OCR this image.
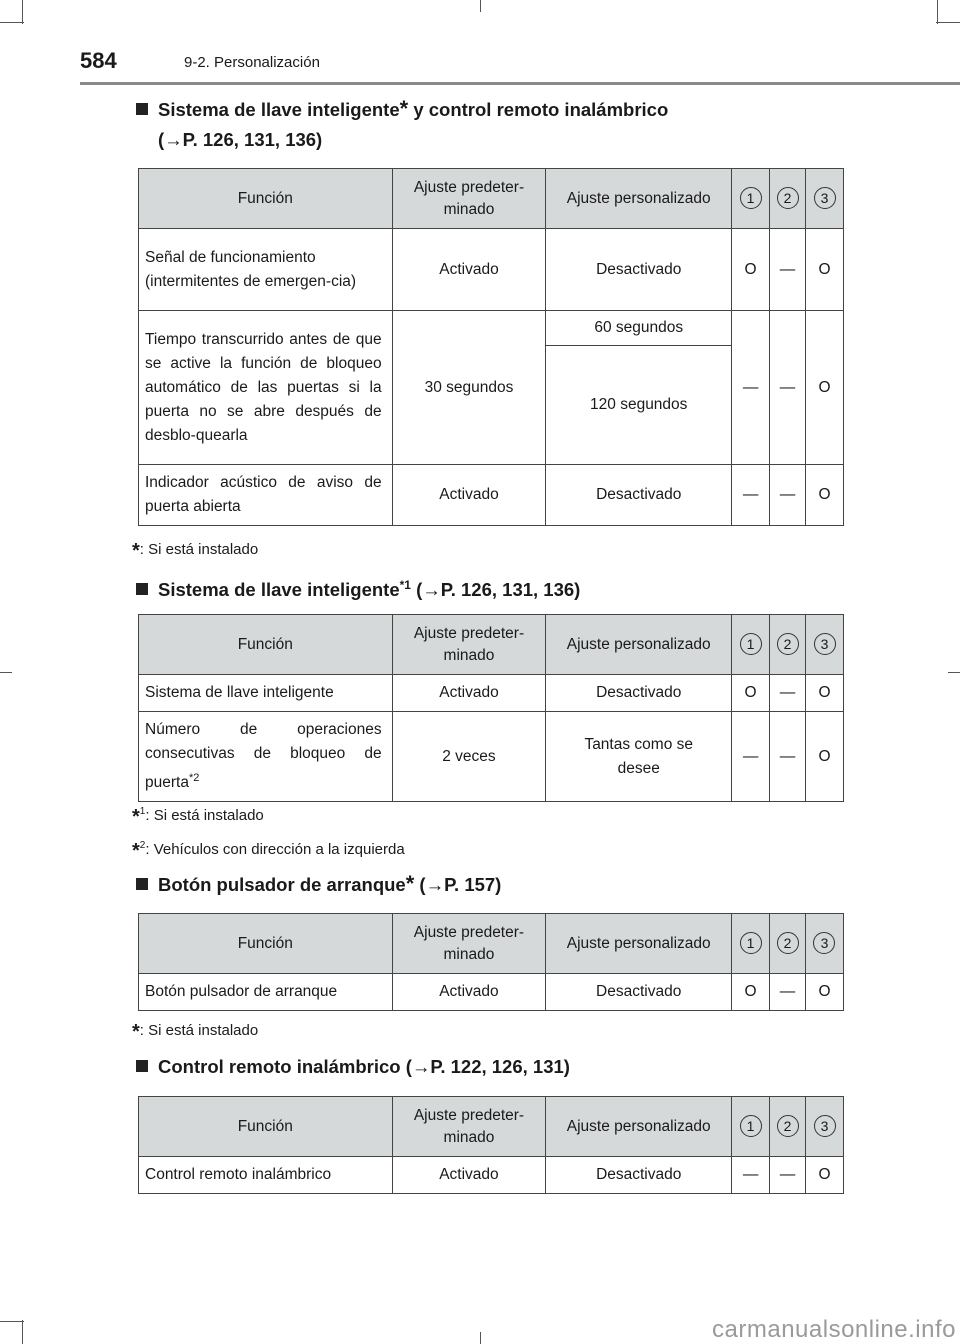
584	9-2. Personalización
Sistema de llave inteligente* y control remoto inalámbrico
(→P. 126, 131, 136)
Función	Ajuste predeter-minado	Ajuste personalizado	1	2	3
Señal de funcionamiento (intermitentes de emergen-cia)	Activado	Desactivado	O	—	O
Tiempo transcurrido antes de que se active la función de bloqueo automático de las puertas si la puerta no se abre después de desblo-quearla	30 segundos	60 segundos	—	—	O
		120 segundos			
Indicador acústico de aviso de puerta abierta	Activado	Desactivado	—	—	O
*: Si está instalado
Sistema de llave inteligente$^{*1}$ (→P. 126, 131, 136)
Función	Ajuste predeter-minado	Ajuste personalizado	1	2	3
Sistema de llave inteligente	Activado	Desactivado	O	—	O
Número de operaciones consecutivas de bloqueo de puerta$^{*2}$	2 veces	Tantas como se desee	—	—	O
*$^1$: Si está instalado
*$^2$: Vehículos con dirección a la izquierda
Botón pulsador de arranque* (→P. 157)
Función	Ajuste predeter-minado	Ajuste personalizado	1	2	3
Botón pulsador de arranque	Activado	Desactivado	O	—	O
*: Si está instalado
Control remoto inalámbrico (→P. 122, 126, 131)
Función	Ajuste predeter-minado	Ajuste personalizado	1	2	3
Control remoto inalámbrico	Activado	Desactivado	—	—	O
carmanualsonline.info
